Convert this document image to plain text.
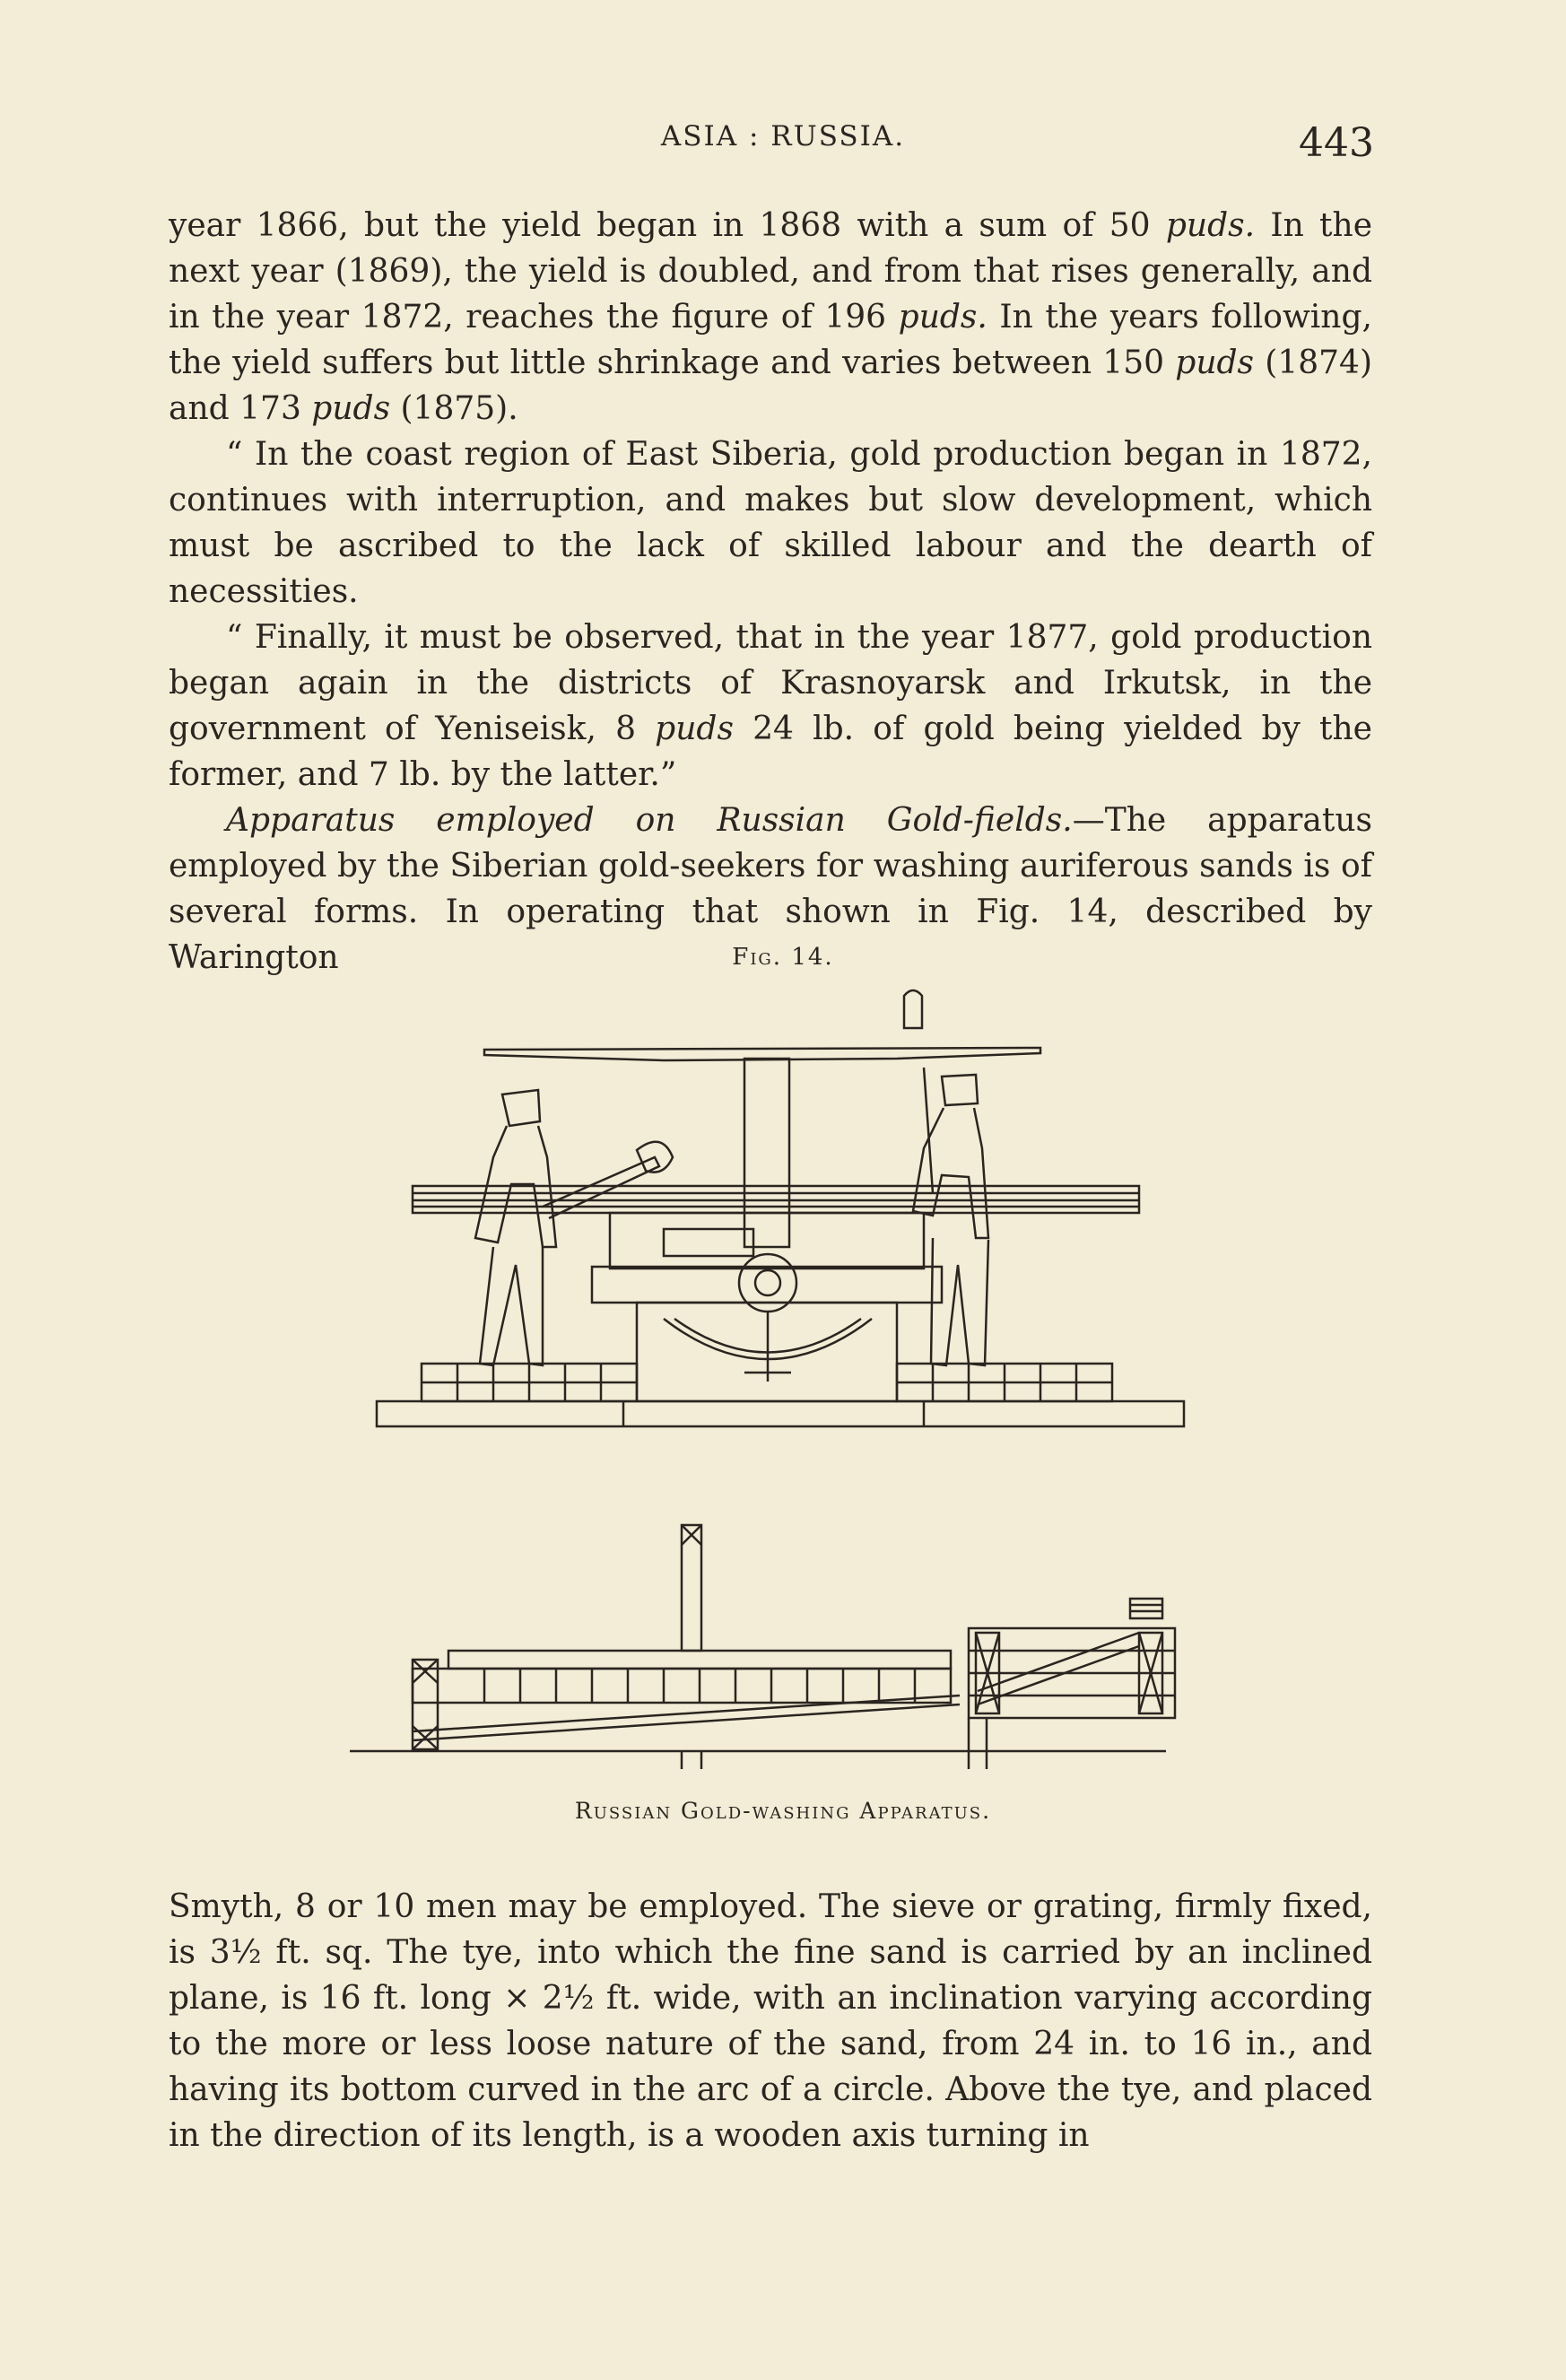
ASIA : RUSSIA.	443

year 1866, but the yield began in 1868 with a sum of 50 puds. In the next year (1869), the yield is doubled, and from that rises generally, and in the year 1872, reaches the figure of 196 puds. In the years following, the yield suffers but little shrinkage and varies between 150 puds (1874) and 173 puds (1875).

“ In the coast region of East Siberia, gold production began in 1872, continues with interruption, and makes but slow development, which must be ascribed to the lack of skilled labour and the dearth of necessities.

“ Finally, it must be observed, that in the year 1877, gold production began again in the districts of Krasnoyarsk and Irkutsk, in the government of Yeniseisk, 8 puds 24 lb. of gold being yielded by the former, and 7 lb. by the latter.”

Apparatus employed on Russian Gold-fields.—The apparatus employed by the Siberian gold-seekers for washing auriferous sands is of several forms. In operating that shown in Fig. 14, described by Warington	Fig. 14.
Russian Gold-washing Apparatus.

Smyth, 8 or 10 men may be employed. The sieve or grating, firmly fixed, is 3½ ft. sq. The tye, into which the fine sand is carried by an inclined plane, is 16 ft. long × 2½ ft. wide, with an inclination varying according to the more or less loose nature of the sand, from 24 in. to 16 in., and having its bottom curved in the arc of a circle. Above the tye, and placed in the direction of its length, is a wooden axis turning in
